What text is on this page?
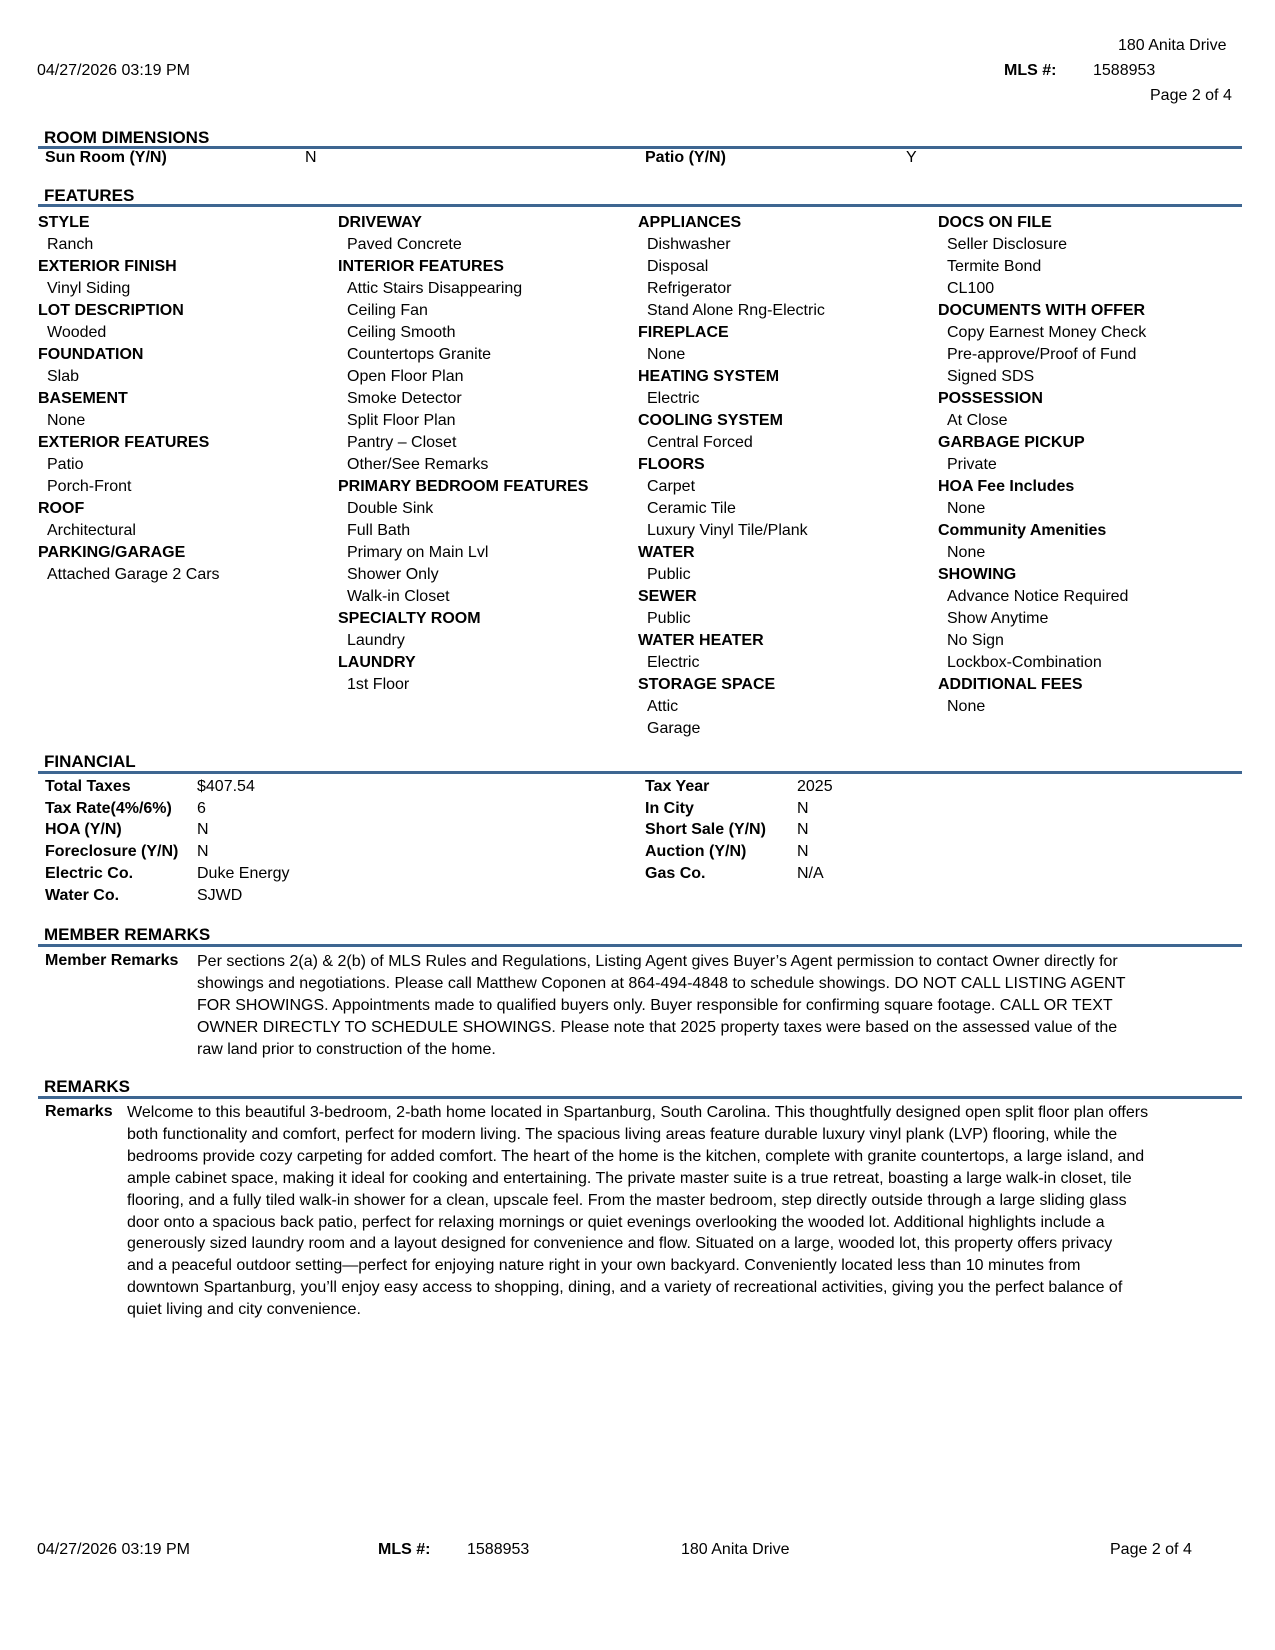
180 Anita Drive
04/27/2026 03:19 PM	MLS #: 1588953
Page 2 of 4
ROOM DIMENSIONS
Sun Room (Y/N)	N	Patio (Y/N)	Y
FEATURES
STYLE
Ranch
EXTERIOR FINISH
Vinyl Siding
LOT DESCRIPTION
Wooded
FOUNDATION
Slab
BASEMENT
None
EXTERIOR FEATURES
Patio
Porch-Front
ROOF
Architectural
PARKING/GARAGE
Attached Garage 2 Cars
DRIVEWAY
Paved Concrete
INTERIOR FEATURES
Attic Stairs Disappearing
Ceiling Fan
Ceiling Smooth
Countertops Granite
Open Floor Plan
Smoke Detector
Split Floor Plan
Pantry – Closet
Other/See Remarks
PRIMARY BEDROOM FEATURES
Double Sink
Full Bath
Primary on Main Lvl
Shower Only
Walk-in Closet
SPECIALTY ROOM
Laundry
LAUNDRY
1st Floor
APPLIANCES
Dishwasher
Disposal
Refrigerator
Stand Alone Rng-Electric
FIREPLACE
None
HEATING SYSTEM
Electric
COOLING SYSTEM
Central Forced
FLOORS
Carpet
Ceramic Tile
Luxury Vinyl Tile/Plank
WATER
Public
SEWER
Public
WATER HEATER
Electric
STORAGE SPACE
Attic
Garage
DOCS ON FILE
Seller Disclosure
Termite Bond
CL100
DOCUMENTS WITH OFFER
Copy Earnest Money Check
Pre-approve/Proof of Fund
Signed SDS
POSSESSION
At Close
GARBAGE PICKUP
Private
HOA Fee Includes
None
Community Amenities
None
SHOWING
Advance Notice Required
Show Anytime
No Sign
Lockbox-Combination
ADDITIONAL FEES
None
FINANCIAL
Total Taxes	$407.54
Tax Rate(4%/6%) 6
HOA (Y/N)	N
Foreclosure (Y/N) N
Electric Co.	Duke Energy
Water Co.	SJWD
Tax Year	2025
In City	N
Short Sale (Y/N) N
Auction (Y/N)	N
Gas Co.	N/A
MEMBER REMARKS
Member Remarks Per sections 2(a) & 2(b) of MLS Rules and Regulations, Listing Agent gives Buyer’s Agent permission to contact Owner directly for
showings and negotiations. Please call Matthew Coponen at 864-494-4848 to schedule showings. DO NOT CALL LISTING AGENT
FOR SHOWINGS. Appointments made to qualified buyers only. Buyer responsible for confirming square footage. CALL OR TEXT
OWNER DIRECTLY TO SCHEDULE SHOWINGS. Please note that 2025 property taxes were based on the assessed value of the
raw land prior to construction of the home.
REMARKS
Remarks Welcome to this beautiful 3-bedroom, 2-bath home located in Spartanburg, South Carolina. This thoughtfully designed open split floor plan offers
both functionality and comfort, perfect for modern living. The spacious living areas feature durable luxury vinyl plank (LVP) flooring, while the
bedrooms provide cozy carpeting for added comfort. The heart of the home is the kitchen, complete with granite countertops, a large island, and
ample cabinet space, making it ideal for cooking and entertaining. The private master suite is a true retreat, boasting a large walk-in closet, tile
flooring, and a fully tiled walk-in shower for a clean, upscale feel. From the master bedroom, step directly outside through a large sliding glass
door onto a spacious back patio, perfect for relaxing mornings or quiet evenings overlooking the wooded lot. Additional highlights include a
generously sized laundry room and a layout designed for convenience and flow. Situated on a large, wooded lot, this property offers privacy
and a peaceful outdoor setting—perfect for enjoying nature right in your own backyard. Conveniently located less than 10 minutes from
downtown Spartanburg, you’ll enjoy easy access to shopping, dining, and a variety of recreational activities, giving you the perfect balance of
quiet living and city convenience.
04/27/2026 03:19 PM	MLS #: 1588953	180 Anita Drive	Page 2 of 4
